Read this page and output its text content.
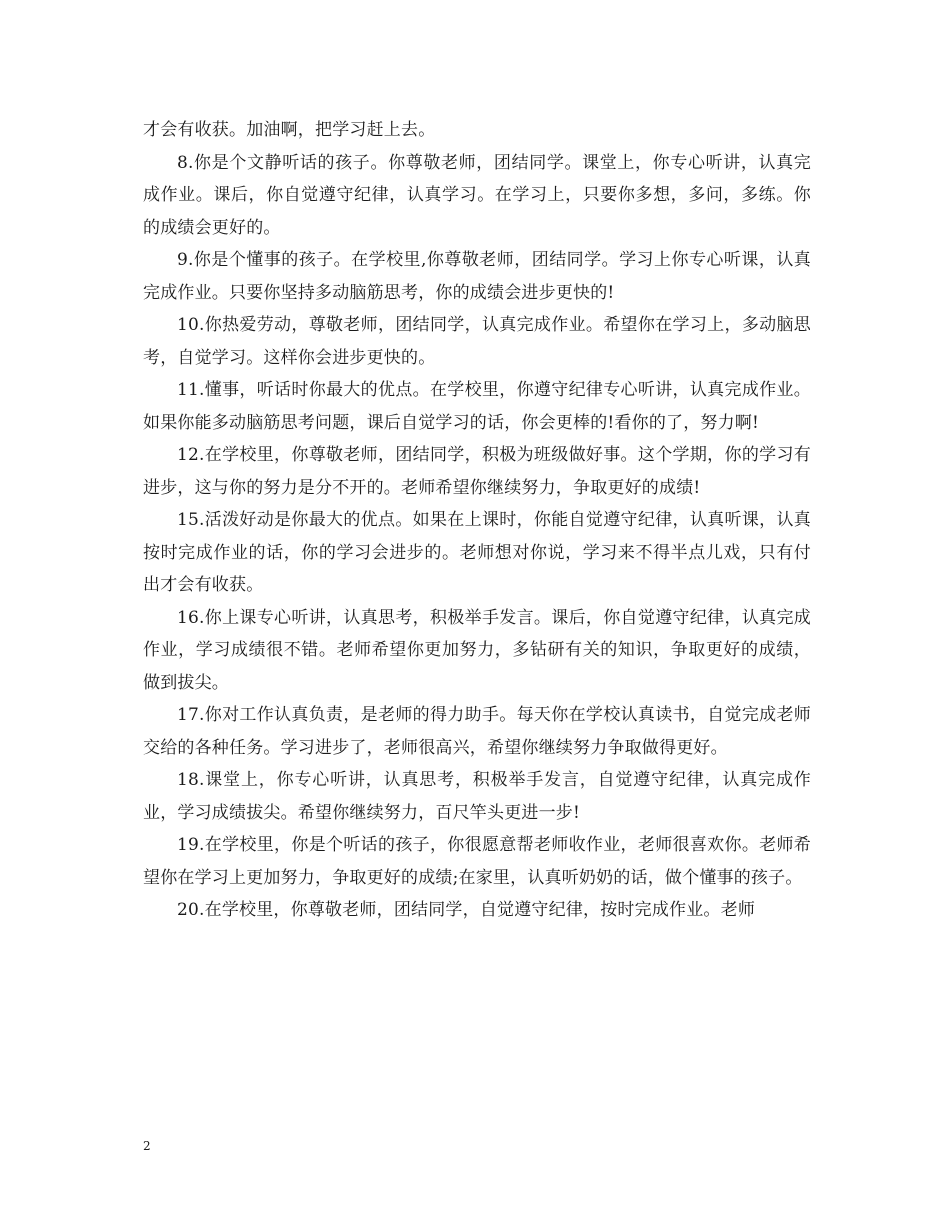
才会有收获。加油啊，把学习赶上去。

8.你是个文静听话的孩子。你尊敬老师，团结同学。课堂上，你专心听讲，认真完成作业。课后，你自觉遵守纪律，认真学习。在学习上，只要你多想，多问，多练。你的成绩会更好的。

9.你是个懂事的孩子。在学校里,你尊敬老师，团结同学。学习上你专心听课，认真完成作业。只要你坚持多动脑筋思考，你的成绩会进步更快的!

10.你热爱劳动，尊敬老师，团结同学，认真完成作业。希望你在学习上，多动脑思考，自觉学习。这样你会进步更快的。

11.懂事，听话时你最大的优点。在学校里，你遵守纪律专心听讲，认真完成作业。如果你能多动脑筋思考问题，课后自觉学习的话，你会更棒的!看你的了，努力啊!

12.在学校里，你尊敬老师，团结同学，积极为班级做好事。这个学期，你的学习有进步，这与你的努力是分不开的。老师希望你继续努力，争取更好的成绩!

15.活泼好动是你最大的优点。如果在上课时，你能自觉遵守纪律，认真听课，认真按时完成作业的话，你的学习会进步的。老师想对你说，学习来不得半点儿戏，只有付出才会有收获。

16.你上课专心听讲，认真思考，积极举手发言。课后，你自觉遵守纪律，认真完成作业，学习成绩很不错。老师希望你更加努力，多钻研有关的知识，争取更好的成绩，做到拔尖。

17.你对工作认真负责，是老师的得力助手。每天你在学校认真读书，自觉完成老师交给的各种任务。学习进步了，老师很高兴，希望你继续努力争取做得更好。

18.课堂上，你专心听讲，认真思考，积极举手发言，自觉遵守纪律，认真完成作业，学习成绩拔尖。希望你继续努力，百尺竿头更进一步!

19.在学校里，你是个听话的孩子，你很愿意帮老师收作业，老师很喜欢你。老师希望你在学习上更加努力，争取更好的成绩;在家里，认真听奶奶的话，做个懂事的孩子。

20.在学校里，你尊敬老师，团结同学，自觉遵守纪律，按时完成作业。老师

2
